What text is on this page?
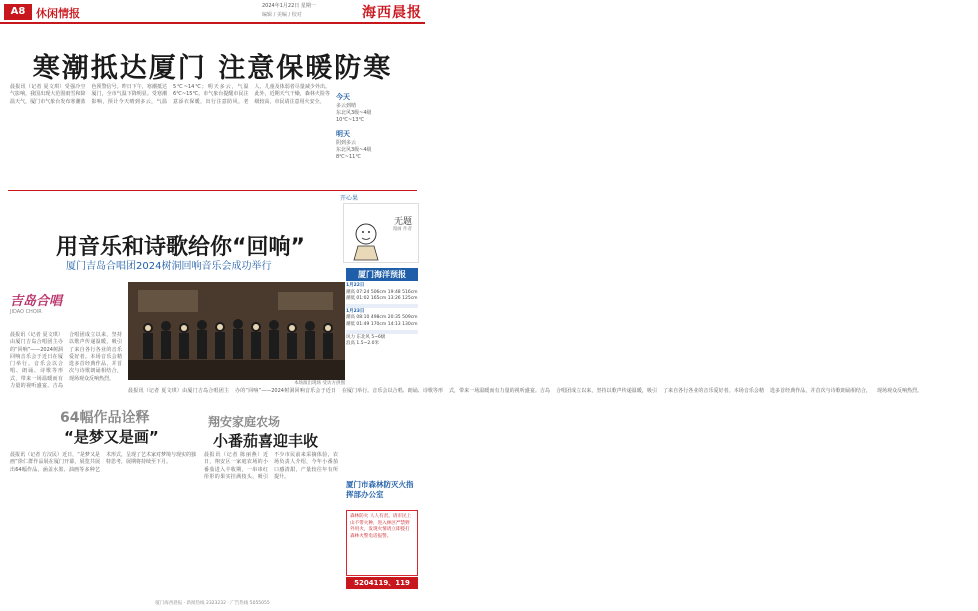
A8 休闲情报
2024年1月22日 星期一
编辑 / 美编 / 校对	海西晨报
寒潮抵达厦门 注意保暖防寒
晨报讯（记者 夏文琪）受强冷空气影响，我国出现大范围雨雪和降温天气，厦门市气象台发布寒潮蓝色预警信号。昨日下午，寒潮抵达厦门，全市气温下降明显。受寒潮影响，预计今天晴到多云，气温5℃~14℃；明天多云，气温6℃~15℃。市气象台提醒市民注意添衣保暖，出行注意防风，老人、儿童及体弱者尽量减少外出。此外，近期天气干燥，森林火险等级较高，市民请注意用火安全。
今天
多云到晴
东北风3级~4级
10℃~13℃
明天
阴到多云
东北风3级~4级
8℃~11℃
开心果
无题
漫画 作者
用音乐和诗歌给你“回响”
厦门吉岛合唱团2024树洞回响音乐会成功举行
吉岛合唱
JIDAO CHOIR
晨报讯（记者 夏文琪）由厦门吉岛合唱团主办的“回响”——2024树洞回响音乐会于近日在厦门举行。音乐会以合唱、朗诵、诗歌等形式，带来一场温暖而有力量的视听盛宴。吉岛合唱团成立以来，坚持以歌声传递温暖，吸引了来自各行各业的音乐爱好者。本场音乐会精选多首经典作品，并首次与诗歌朗诵相结合，现场观众反响热烈。
本场演出现场 受访方供图
晨报讯（记者 夏文琪）由厦门吉岛合唱团主办的“回响”——2024树洞回响音乐会于近日在厦门举行。音乐会以合唱、朗诵、诗歌等形式，带来一场温暖而有力量的视听盛宴。吉岛合唱团成立以来，坚持以歌声传递温暖，吸引了来自各行各业的音乐爱好者。本场音乐会精选多首经典作品，并首次与诗歌朗诵相结合，现场观众反响热烈。
厦门海洋预报
1月22日
潮高 07:24 506cm 19:48 516cm
潮低 01:02 165cm 13:26 125cm
1月23日
潮高 08:10 498cm 20:35 509cm
潮低 01:49 170cm 14:13 130cm
风力 东北风 5~6级
浪高 1.5~2.0米
64幅作品诠释
“是梦又是画”
晨报讯（记者 方汉民）近日，“是梦又是画”徐仁群作品展在厦门开幕，展览共展出64幅作品，涵盖水墨、油画等多种艺术形式，呈现了艺术家对梦境与现实的独特思考，展期将持续至下月。
翔安家庭农场
小番茄喜迎丰收
晨报讯（记者 陈丽燕）近日，翔安区一家庭农场的小番茄进入丰收期，一串串红彤彤的果实挂满枝头，吸引不少市民前来采摘体验，农场负责人介绍，今年小番茄口感清甜，产量较往年有所提升。
厦门市森林防灭火指挥部办公室
森林防火 人人有责。请市民上山不带火种，进入林区严禁野外用火，发现火情请立即拨打森林火警电话报警。
5204119、119
厦门海西晨报 · 新闻热线 2323232 · 广告热线 5055055
